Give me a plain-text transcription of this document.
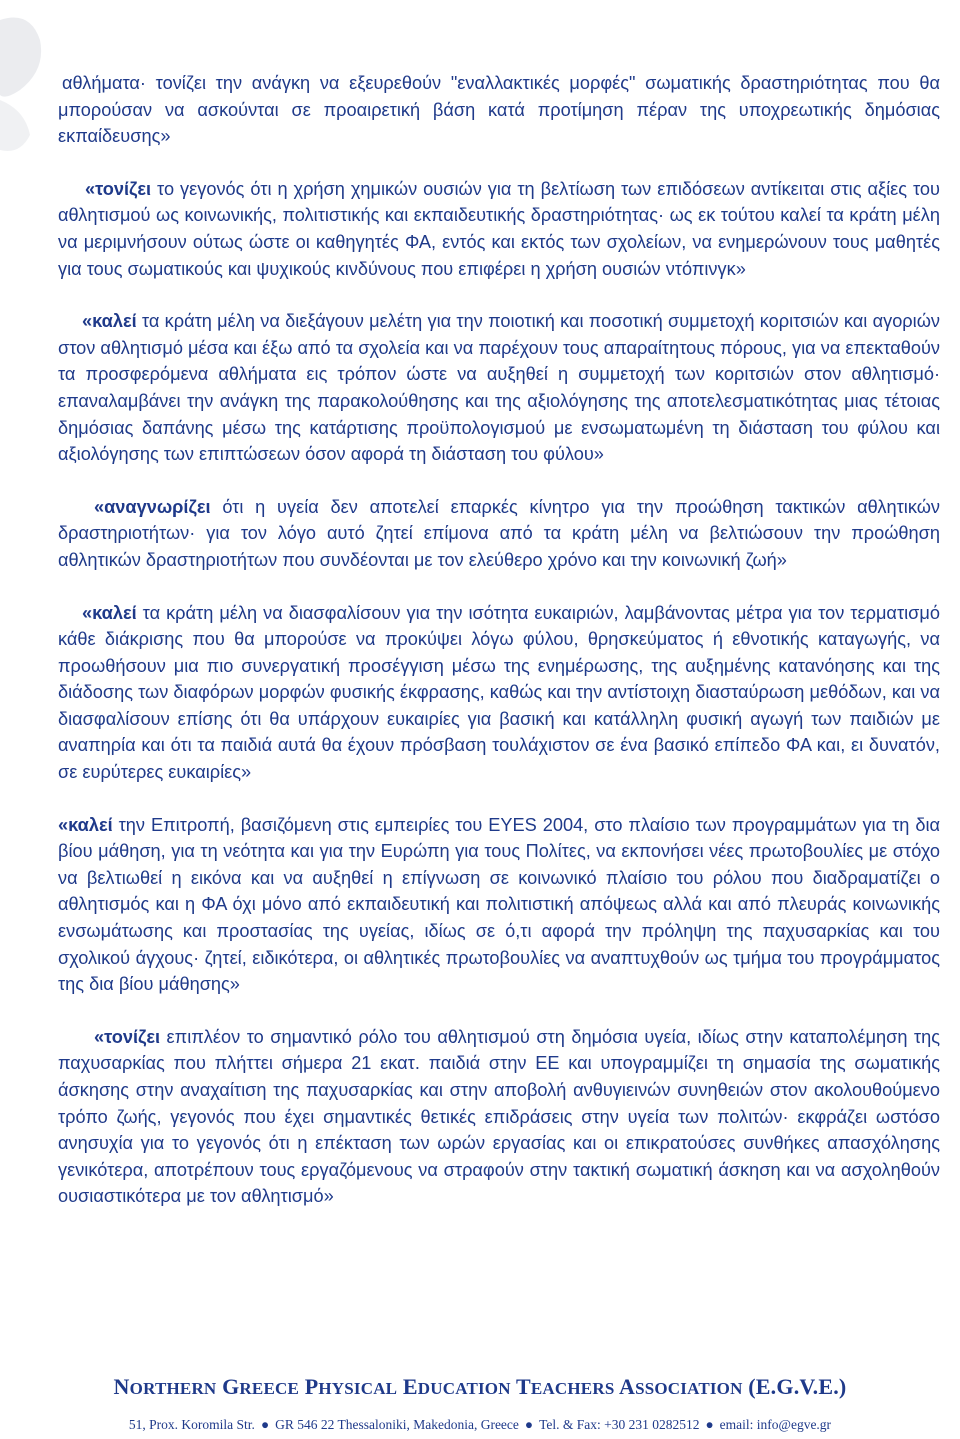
αθλήματα· τονίζει την ανάγκη να εξευρεθούν "εναλλακτικές μορφές" σωματικής δραστηριότητας που θα μπορούσαν να ασκούνται σε προαιρετική βάση κατά προτίμηση πέραν της υποχρεωτικής δημόσιας εκπαίδευσης»

«τονίζει το γεγονός ότι η χρήση χημικών ουσιών για τη βελτίωση των επιδόσεων αντίκειται στις αξίες του αθλητισμού ως κοινωνικής, πολιτιστικής και εκπαιδευτικής δραστηριότητας· ως εκ τούτου καλεί τα κράτη μέλη να μεριμνήσουν ούτως ώστε οι καθηγητές ΦΑ, εντός και εκτός των σχολείων, να ενημερώνουν τους μαθητές για τους σωματικούς και ψυχικούς κινδύνους που επιφέρει η χρήση ουσιών ντόπινγκ»

«καλεί τα κράτη μέλη να διεξάγουν μελέτη για την ποιοτική και ποσοτική συμμετοχή κοριτσιών και αγοριών στον αθλητισμό μέσα και έξω από τα σχολεία και να παρέχουν τους απαραίτητους πόρους, για να επεκταθούν τα προσφερόμενα αθλήματα εις τρόπον ώστε να αυξηθεί η συμμετοχή των κοριτσιών στον αθλητισμό· επαναλαμβάνει την ανάγκη της παρακολούθησης και της αξιολόγησης της αποτελεσματικότητας μιας τέτοιας δημόσιας δαπάνης μέσω της κατάρτισης προϋπολογισμού με ενσωματωμένη τη διάσταση του φύλου και αξιολόγησης των επιπτώσεων όσον αφορά τη διάσταση του φύλου»

«αναγνωρίζει ότι η υγεία δεν αποτελεί επαρκές κίνητρο για την προώθηση τακτικών αθλητικών δραστηριοτήτων· για τον λόγο αυτό ζητεί επίμονα από τα κράτη μέλη να βελτιώσουν την προώθηση αθλητικών δραστηριοτήτων που συνδέονται με τον ελεύθερο χρόνο και την κοινωνική ζωή»

«καλεί τα κράτη μέλη να διασφαλίσουν για την ισότητα ευκαιριών, λαμβάνοντας μέτρα για τον τερματισμό κάθε διάκρισης που θα μπορούσε να προκύψει λόγω φύλου, θρησκεύματος ή εθνοτικής καταγωγής, να προωθήσουν μια πιο συνεργατική προσέγγιση μέσω της ενημέρωσης, της αυξημένης κατανόησης και της διάδοσης των διαφόρων μορφών φυσικής έκφρασης, καθώς και την αντίστοιχη διασταύρωση μεθόδων, και να διασφαλίσουν επίσης ότι θα υπάρχουν ευκαιρίες για βασική και κατάλληλη φυσική αγωγή των παιδιών με αναπηρία και ότι τα παιδιά αυτά θα έχουν πρόσβαση τουλάχιστον σε ένα βασικό επίπεδο ΦΑ και, ει δυνατόν, σε ευρύτερες ευκαιρίες»

«καλεί την Επιτροπή, βασιζόμενη στις εμπειρίες του ΕΥΕS 2004, στο πλαίσιο των προγραμμάτων για τη δια βίου μάθηση, για τη νεότητα και για την Ευρώπη για τους Πολίτες, να εκπονήσει νέες πρωτοβουλίες με στόχο να βελτιωθεί η εικόνα και να αυξηθεί η επίγνωση σε κοινωνικό πλαίσιο του ρόλου που διαδραματίζει ο αθλητισμός και η ΦΑ όχι μόνο από εκπαιδευτική και πολιτιστική απόψεως αλλά και από πλευράς κοινωνικής ενσωμάτωσης και προστασίας της υγείας, ιδίως σε ό,τι αφορά την πρόληψη της παχυσαρκίας και του σχολικού άγχους· ζητεί, ειδικότερα, οι αθλητικές πρωτοβουλίες να αναπτυχθούν ως τμήμα του προγράμματος της δια βίου μάθησης»

«τονίζει επιπλέον το σημαντικό ρόλο του αθλητισμού στη δημόσια υγεία, ιδίως στην καταπολέμηση της παχυσαρκίας που πλήττει σήμερα 21 εκατ. παιδιά στην ΕΕ και υπογραμμίζει τη σημασία της σωματικής άσκησης στην αναχαίτιση της παχυσαρκίας και στην αποβολή ανθυγιεινών συνηθειών στον ακολουθούμενο τρόπο ζωής, γεγονός που έχει σημαντικές θετικές επιδράσεις στην υγεία των πολιτών· εκφράζει ωστόσο ανησυχία για το γεγονός ότι η επέκταση των ωρών εργασίας και οι επικρατούσες συνθήκες απασχόλησης γενικότερα, αποτρέπουν τους εργαζόμενους να στραφούν στην τακτική σωματική άσκηση και να ασχοληθούν ουσιαστικότερα με τον αθλητισμό»

NORTHERN GREECE PHYSICAL EDUCATION TEACHERS ASSOCIATION (E.G.V.E.)
51, Prox. Koromila Str. ● GR 546 22 Thessaloniki, Makedonia, Greece ● Tel. & Fax: +30 231 0282512 ● email: info@egve.gr
